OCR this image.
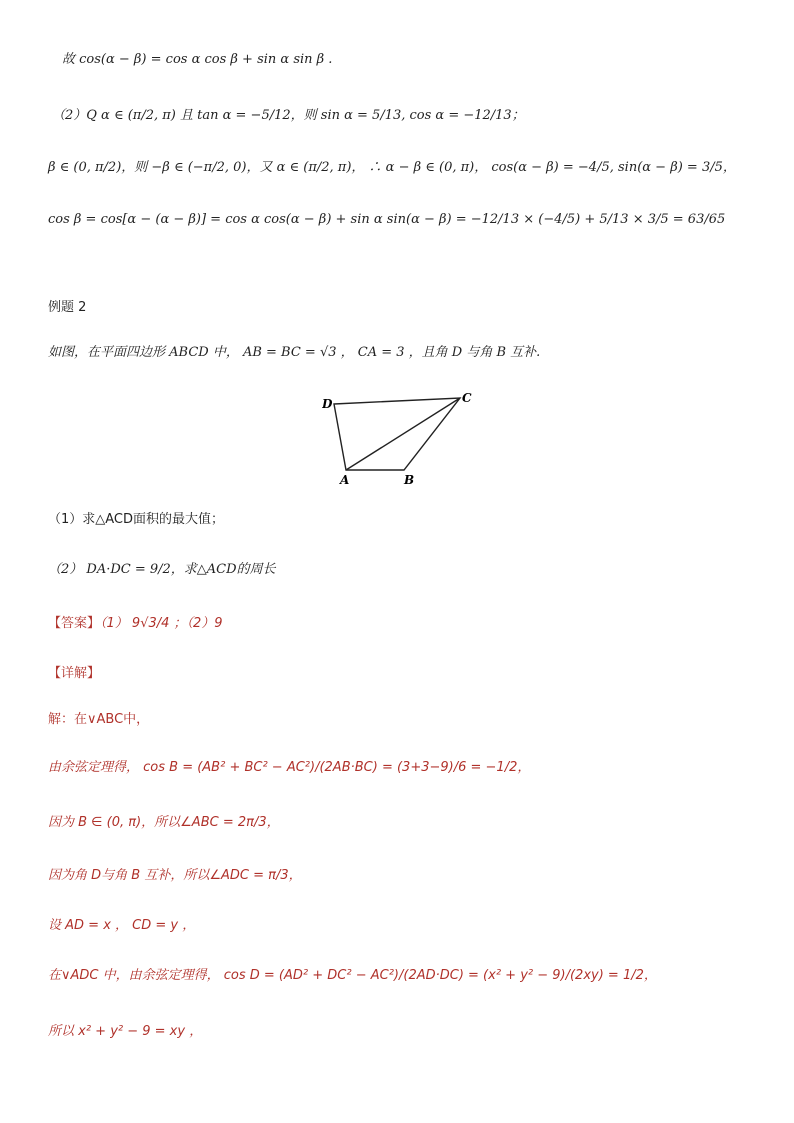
故 cos(α − β) = cos α cos β + sin α sin β .
（2）Q α ∈ (π/2, π) 且 tan α = −5/12，则 sin α = 5/13, cos α = −12/13；
β ∈ (0, π/2)，则 −β ∈ (−π/2, 0)，又 α ∈ (π/2, π)， ∴ α − β ∈ (0, π)， cos(α − β) = −4/5, sin(α − β) = 3/5，
cos β = cos[α − (α − β)] = cos α cos(α − β) + sin α sin(α − β) = −12/13 × (−4/5) + 5/13 × 3/5 = 63/65
例题 2
如图，在平面四边形 ABCD 中， AB = BC = √3 ， CA = 3 ，且角 D 与角 B 互补.
D	C
A	B
（1）求△ACD面积的最大值；
（2） DA·DC = 9/2，求△ACD的周长
【答案】（1） 9√3/4 ；（2）9
【详解】
解：在∨ABC中，
由余弦定理得， cos B = (AB² + BC² − AC²)/(2AB·BC) = (3+3−9)/6 = −1/2，
因为 B ∈ (0, π)，所以∠ABC = 2π/3，
因为角 D与角 B 互补，所以∠ADC = π/3，
设 AD = x ， CD = y ，
在∨ADC 中，由余弦定理得， cos D = (AD² + DC² − AC²)/(2AD·DC) = (x² + y² − 9)/(2xy) = 1/2，
所以 x² + y² − 9 = xy ，
